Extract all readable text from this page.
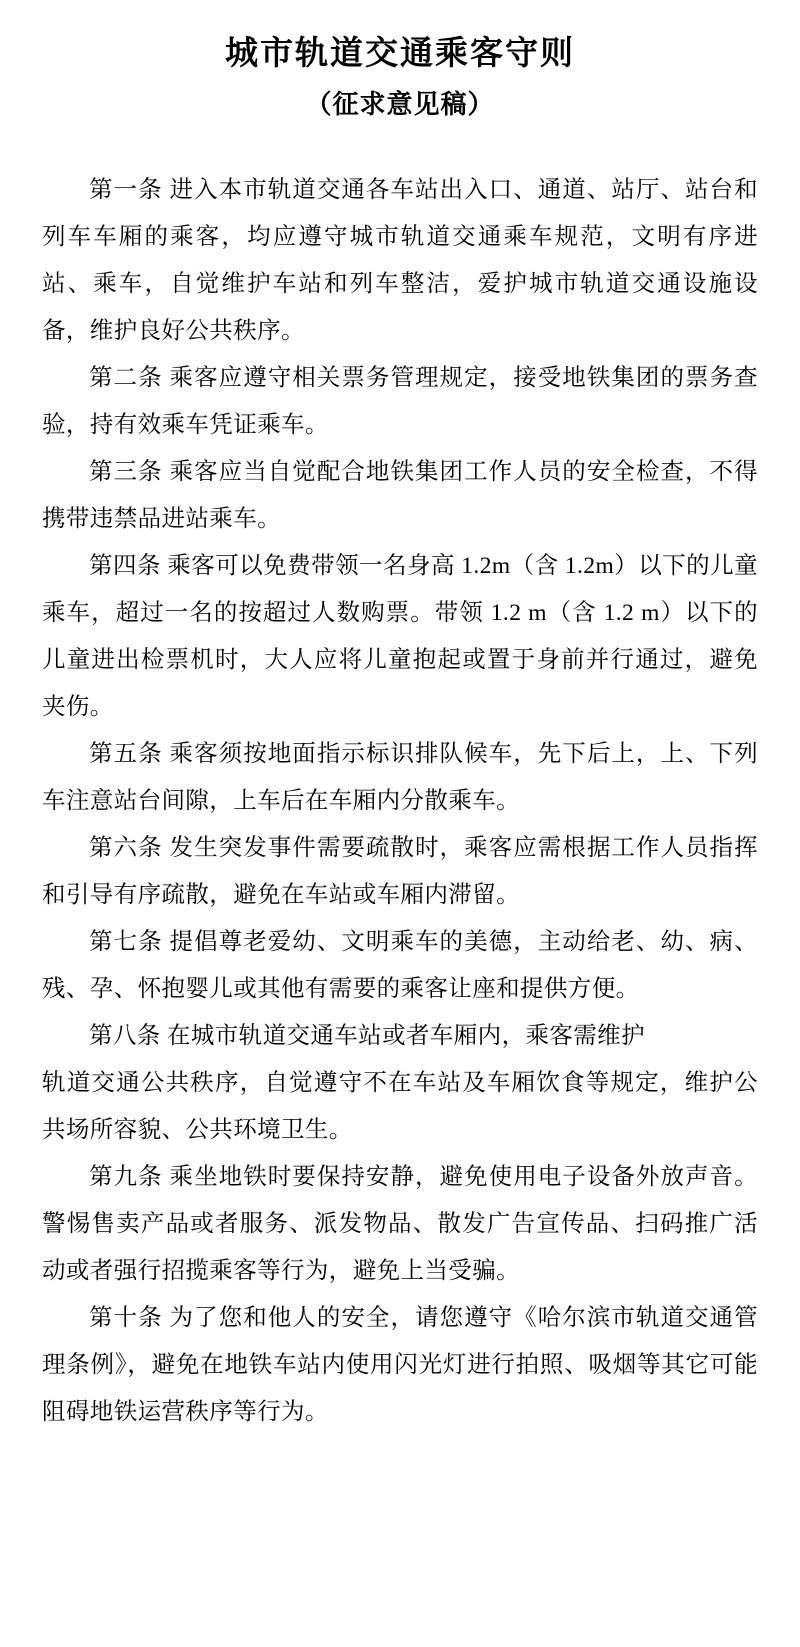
城市轨道交通乘客守则
（征求意见稿）

第一条 进入本市轨道交通各车站出入口、通道、站厅、站台和列车车厢的乘客，均应遵守城市轨道交通乘车规范，文明有序进站、乘车，自觉维护车站和列车整洁，爱护城市轨道交通设施设备，维护良好公共秩序。

第二条 乘客应遵守相关票务管理规定，接受地铁集团的票务查验，持有效乘车凭证乘车。

第三条 乘客应当自觉配合地铁集团工作人员的安全检查，不得携带违禁品进站乘车。

第四条 乘客可以免费带领一名身高 1.2m（含 1.2m）以下的儿童乘车，超过一名的按超过人数购票。带领 1.2 m（含 1.2 m）以下的儿童进出检票机时，大人应将儿童抱起或置于身前并行通过，避免夹伤。

第五条 乘客须按地面指示标识排队候车，先下后上，上、下列车注意站台间隙，上车后在车厢内分散乘车。

第六条 发生突发事件需要疏散时，乘客应需根据工作人员指挥和引导有序疏散，避免在车站或车厢内滞留。

第七条 提倡尊老爱幼、文明乘车的美德，主动给老、幼、病、残、孕、怀抱婴儿或其他有需要的乘客让座和提供方便。

第八条 在城市轨道交通车站或者车厢内，乘客需维护

轨道交通公共秩序，自觉遵守不在车站及车厢饮食等规定，维护公共场所容貌、公共环境卫生。

第九条 乘坐地铁时要保持安静，避免使用电子设备外放声音。警惕售卖产品或者服务、派发物品、散发广告宣传品、扫码推广活动或者强行招揽乘客等行为，避免上当受骗。

第十条 为了您和他人的安全，请您遵守《哈尔滨市轨道交通管理条例》，避免在地铁车站内使用闪光灯进行拍照、吸烟等其它可能阻碍地铁运营秩序等行为。
